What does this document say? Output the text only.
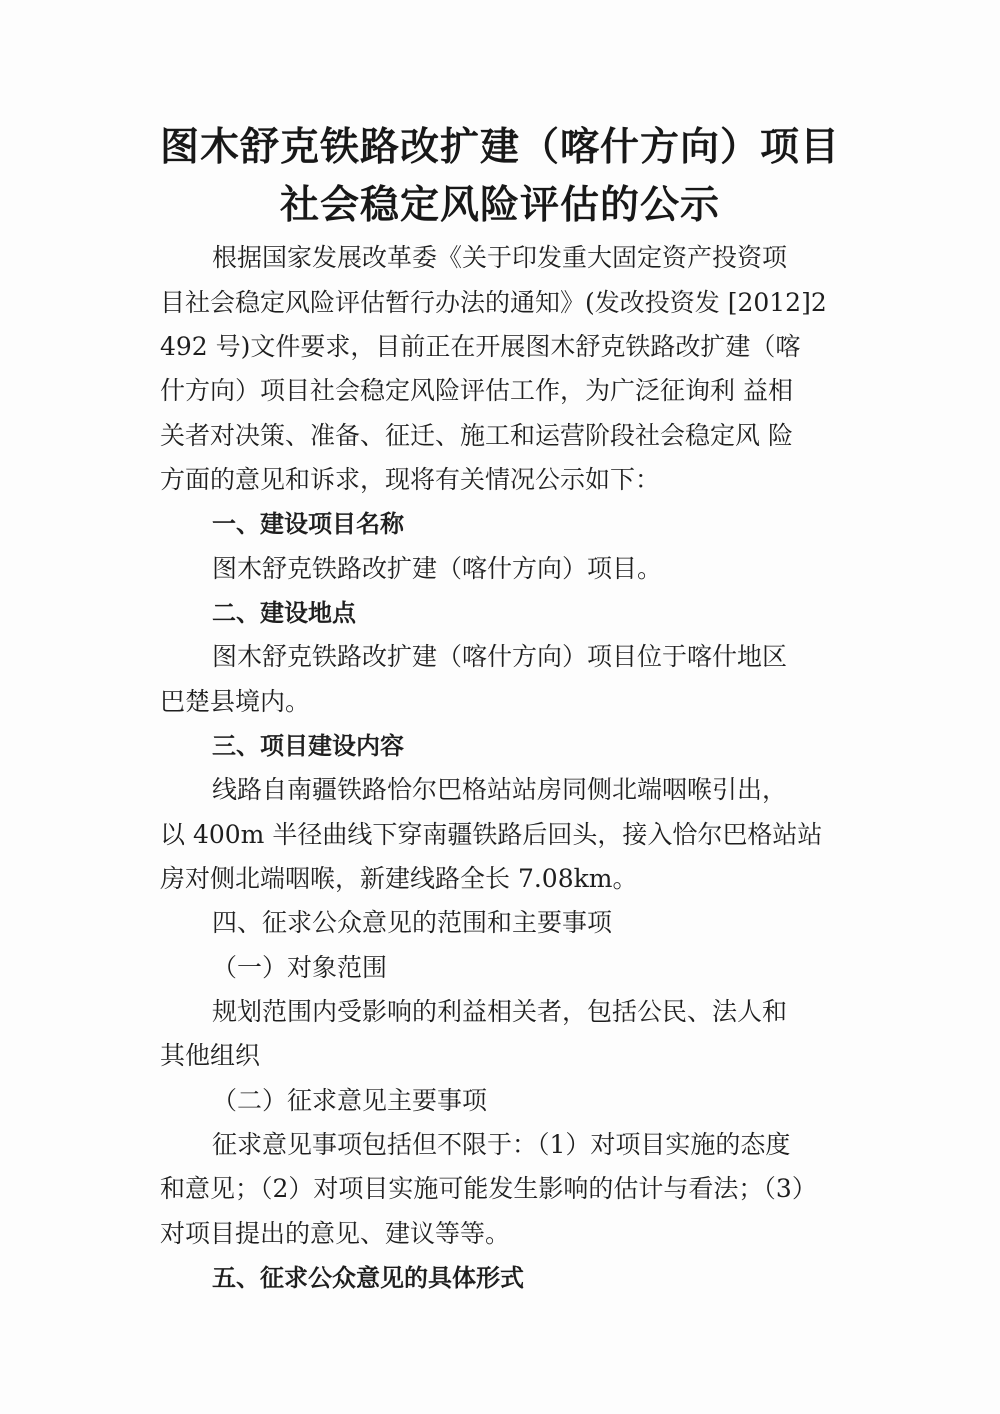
图木舒克铁路改扩建（喀什方向）项目
社会稳定风险评估的公示
根据国家发展改革委《关于印发重大固定资产投资项
目社会稳定风险评估暂行办法的通知》(发改投资发 [2012]2
492 号)文件要求，目前正在开展图木舒克铁路改扩建（喀
什方向）项目社会稳定风险评估工作，为广泛征询利 益相
关者对决策、准备、征迁、施工和运营阶段社会稳定风 险
方面的意见和诉求，现将有关情况公示如下：
一、建设项目名称
图木舒克铁路改扩建（喀什方向）项目。
二、建设地点
图木舒克铁路改扩建（喀什方向）项目位于喀什地区
巴楚县境内。
三、项目建设内容
线路自南疆铁路恰尔巴格站站房同侧北端咽喉引出，
以 400m 半径曲线下穿南疆铁路后回头，接入恰尔巴格站站
房对侧北端咽喉，新建线路全长 7.08km。
四、征求公众意见的范围和主要事项
（一）对象范围
规划范围内受影响的利益相关者，包括公民、法人和
其他组织
（二）征求意见主要事项
征求意见事项包括但不限于：（1）对项目实施的态度
和意见；（2）对项目实施可能发生影响的估计与看法；（3）
对项目提出的意见、建议等等。
五、征求公众意见的具体形式
